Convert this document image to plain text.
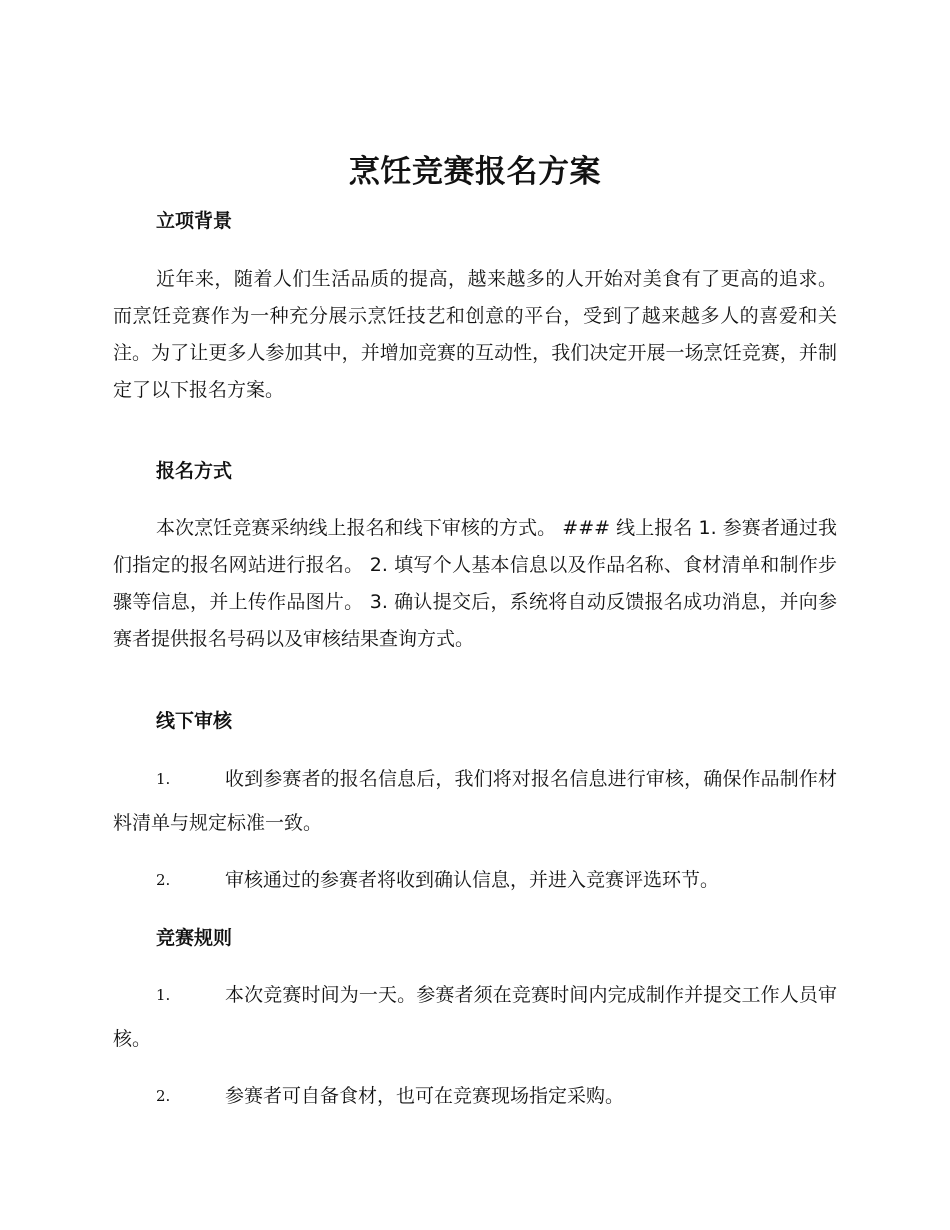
烹饪竞赛报名方案
立项背景

近年来，随着人们生活品质的提高，越来越多的人开始对美食有了更高的追求。而烹饪竞赛作为一种充分展示烹饪技艺和创意的平台，受到了越来越多人的喜爱和关注。为了让更多人参加其中，并增加竞赛的互动性，我们决定开展一场烹饪竞赛，并制定了以下报名方案。

报名方式

本次烹饪竞赛采纳线上报名和线下审核的方式。 ### 线上报名 1. 参赛者通过我们指定的报名网站进行报名。 2. 填写个人基本信息以及作品名称、食材清单和制作步骤等信息，并上传作品图片。 3. 确认提交后，系统将自动反馈报名成功消息，并向参赛者提供报名号码以及审核结果查询方式。

线下审核
1.	收到参赛者的报名信息后，我们将对报名信息进行审核，确保作品制作材料清单与规定标准一致。
2.	审核通过的参赛者将收到确认信息，并进入竞赛评选环节。
竞赛规则
1.	本次竞赛时间为一天。参赛者须在竞赛时间内完成制作并提交工作人员审核。
2.	参赛者可自备食材，也可在竞赛现场指定采购。
